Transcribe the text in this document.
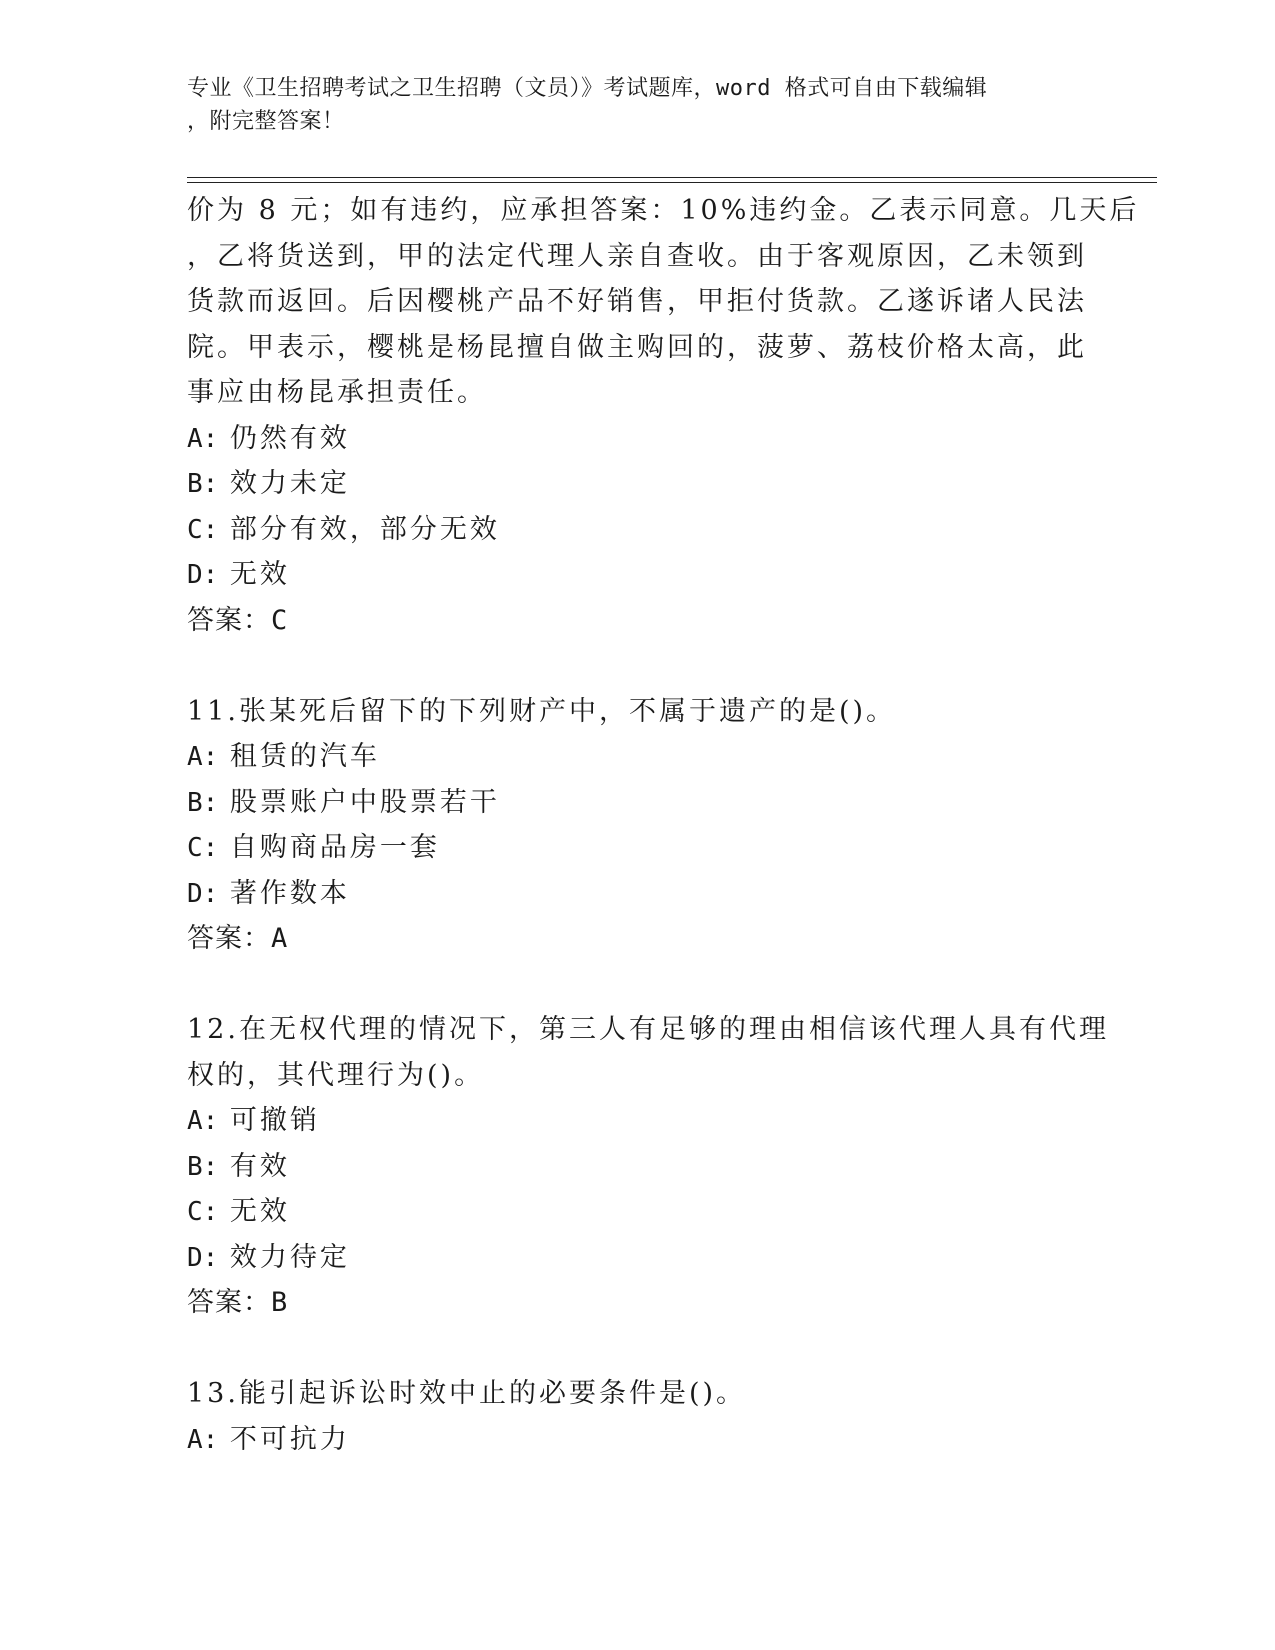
专业《卫生招聘考试之卫生招聘（文员）》考试题库，word 格式可自由下载编辑
，附完整答案！
价为 8 元；如有违约，应承担答案：10%违约金。乙表示同意。几天后
，乙将货送到，甲的法定代理人亲自查收。由于客观原因，乙未领到
货款而返回。后因樱桃产品不好销售，甲拒付货款。乙遂诉诸人民法
院。甲表示，樱桃是杨昆擅自做主购回的，菠萝、荔枝价格太高，此
事应由杨昆承担责任。
A: 仍然有效
B: 效力未定
C: 部分有效，部分无效
D: 无效
答案：C
11.张某死后留下的下列财产中，不属于遗产的是()。
A: 租赁的汽车
B: 股票账户中股票若干
C: 自购商品房一套
D: 著作数本
答案：A
12.在无权代理的情况下，第三人有足够的理由相信该代理人具有代理
权的，其代理行为()。
A: 可撤销
B: 有效
C: 无效
D: 效力待定
答案：B
13.能引起诉讼时效中止的必要条件是()。
A: 不可抗力
